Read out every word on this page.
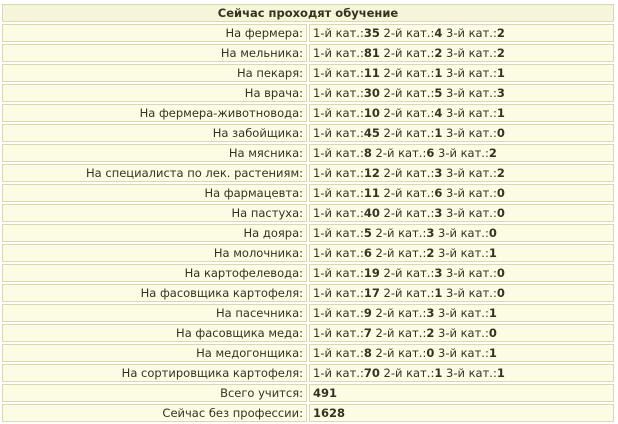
Сейчас проходят обучение	
На фермера:	1-й кат.:35 2-й кат.:4 3-й кат.:2
На мельника:	1-й кат.:81 2-й кат.:2 3-й кат.:2
На пекаря:	1-й кат.:11 2-й кат.:1 3-й кат.:1
На врача:	1-й кат.:30 2-й кат.:5 3-й кат.:3
На фермера-животновода:	1-й кат.:10 2-й кат.:4 3-й кат.:1
На забойщика:	1-й кат.:45 2-й кат.:1 3-й кат.:0
На мясника:	1-й кат.:8 2-й кат.:6 3-й кат.:2
На специалиста по лек. растениям:	1-й кат.:12 2-й кат.:3 3-й кат.:2
На фармацевта:	1-й кат.:11 2-й кат.:6 3-й кат.:0
На пастуха:	1-й кат.:40 2-й кат.:3 3-й кат.:0
На дояра:	1-й кат.:5 2-й кат.:3 3-й кат.:0
На молочника:	1-й кат.:6 2-й кат.:2 3-й кат.:1
На картофелевода:	1-й кат.:19 2-й кат.:3 3-й кат.:0
На фасовщика картофеля:	1-й кат.:17 2-й кат.:1 3-й кат.:0
На пасечника:	1-й кат.:9 2-й кат.:3 3-й кат.:1
На фасовщика меда:	1-й кат.:7 2-й кат.:2 3-й кат.:0
На медогонщика:	1-й кат.:8 2-й кат.:0 3-й кат.:1
На сортировщика картофеля:	1-й кат.:70 2-й кат.:1 3-й кат.:1
Всего учится:	491
Сейчас без профессии:	1628
